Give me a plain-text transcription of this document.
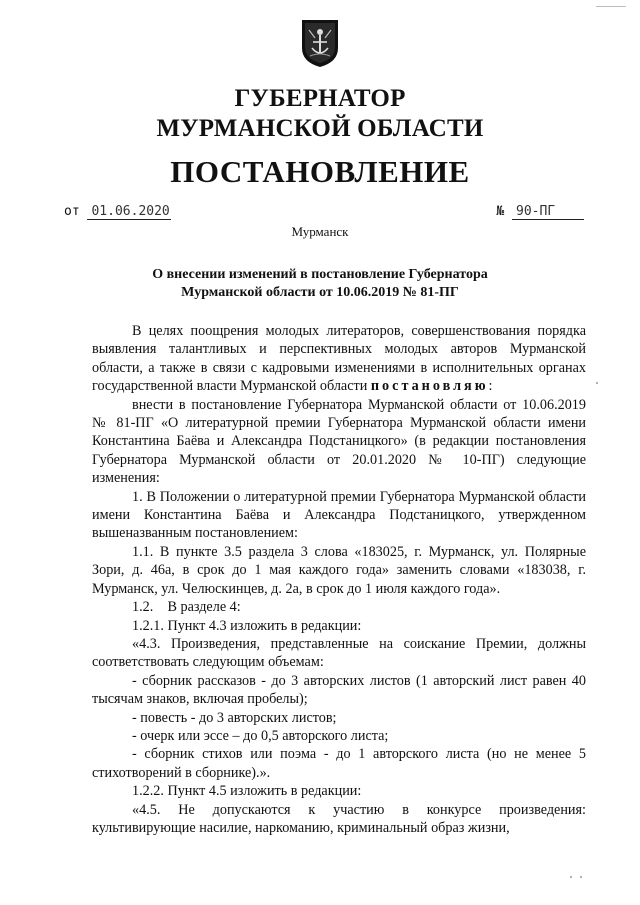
ГУБЕРНАТОР
МУРМАНСКОЙ ОБЛАСТИ
ПОСТАНОВЛЕНИЕ
от 01.06.2020	№ 90-ПГ
Мурманск
О внесении изменений в постановление Губернатора
Мурманской области от 10.06.2019 № 81-ПГ

В целях поощрения молодых литераторов, совершенствования порядка выявления талантливых и перспективных молодых авторов Мурманской области, а также в связи с кадровыми изменениями в исполнительных органах государственной власти Мурманской области постановляю:

внести в постановление Губернатора Мурманской области от 10.06.2019 № 81-ПГ «О литературной премии Губернатора Мурманской области имени Константина Баёва и Александра Подстаницкого» (в редакции постановления Губернатора Мурманской области от 20.01.2020 № 10-ПГ) следующие изменения:

1. В Положении о литературной премии Губернатора Мурманской области имени Константина Баёва и Александра Подстаницкого, утвержденном вышеназванным постановлением:

1.1. В пункте 3.5 раздела 3 слова «183025, г. Мурманск, ул. Полярные Зори, д. 46а, в срок до 1 мая каждого года» заменить словами «183038, г. Мурманск, ул. Челюскинцев, д. 2а, в срок до 1 июля каждого года».

1.2.    В разделе 4:

1.2.1. Пункт 4.3 изложить в редакции:

«4.3. Произведения, представленные на соискание Премии, должны соответствовать следующим объемам:

- сборник рассказов - до 3 авторских листов (1 авторский лист равен 40 тысячам знаков, включая пробелы);

- повесть - до 3 авторских листов;

- очерк или эссе – до 0,5 авторского листа;

- сборник стихов или поэма - до 1 авторского листа (но не менее 5 стихотворений в сборнике).».

1.2.2. Пункт 4.5 изложить в редакции:

«4.5. Не допускаются к участию в конкурсе произведения: культивирующие насилие, наркоманию, криминальный образ жизни,
